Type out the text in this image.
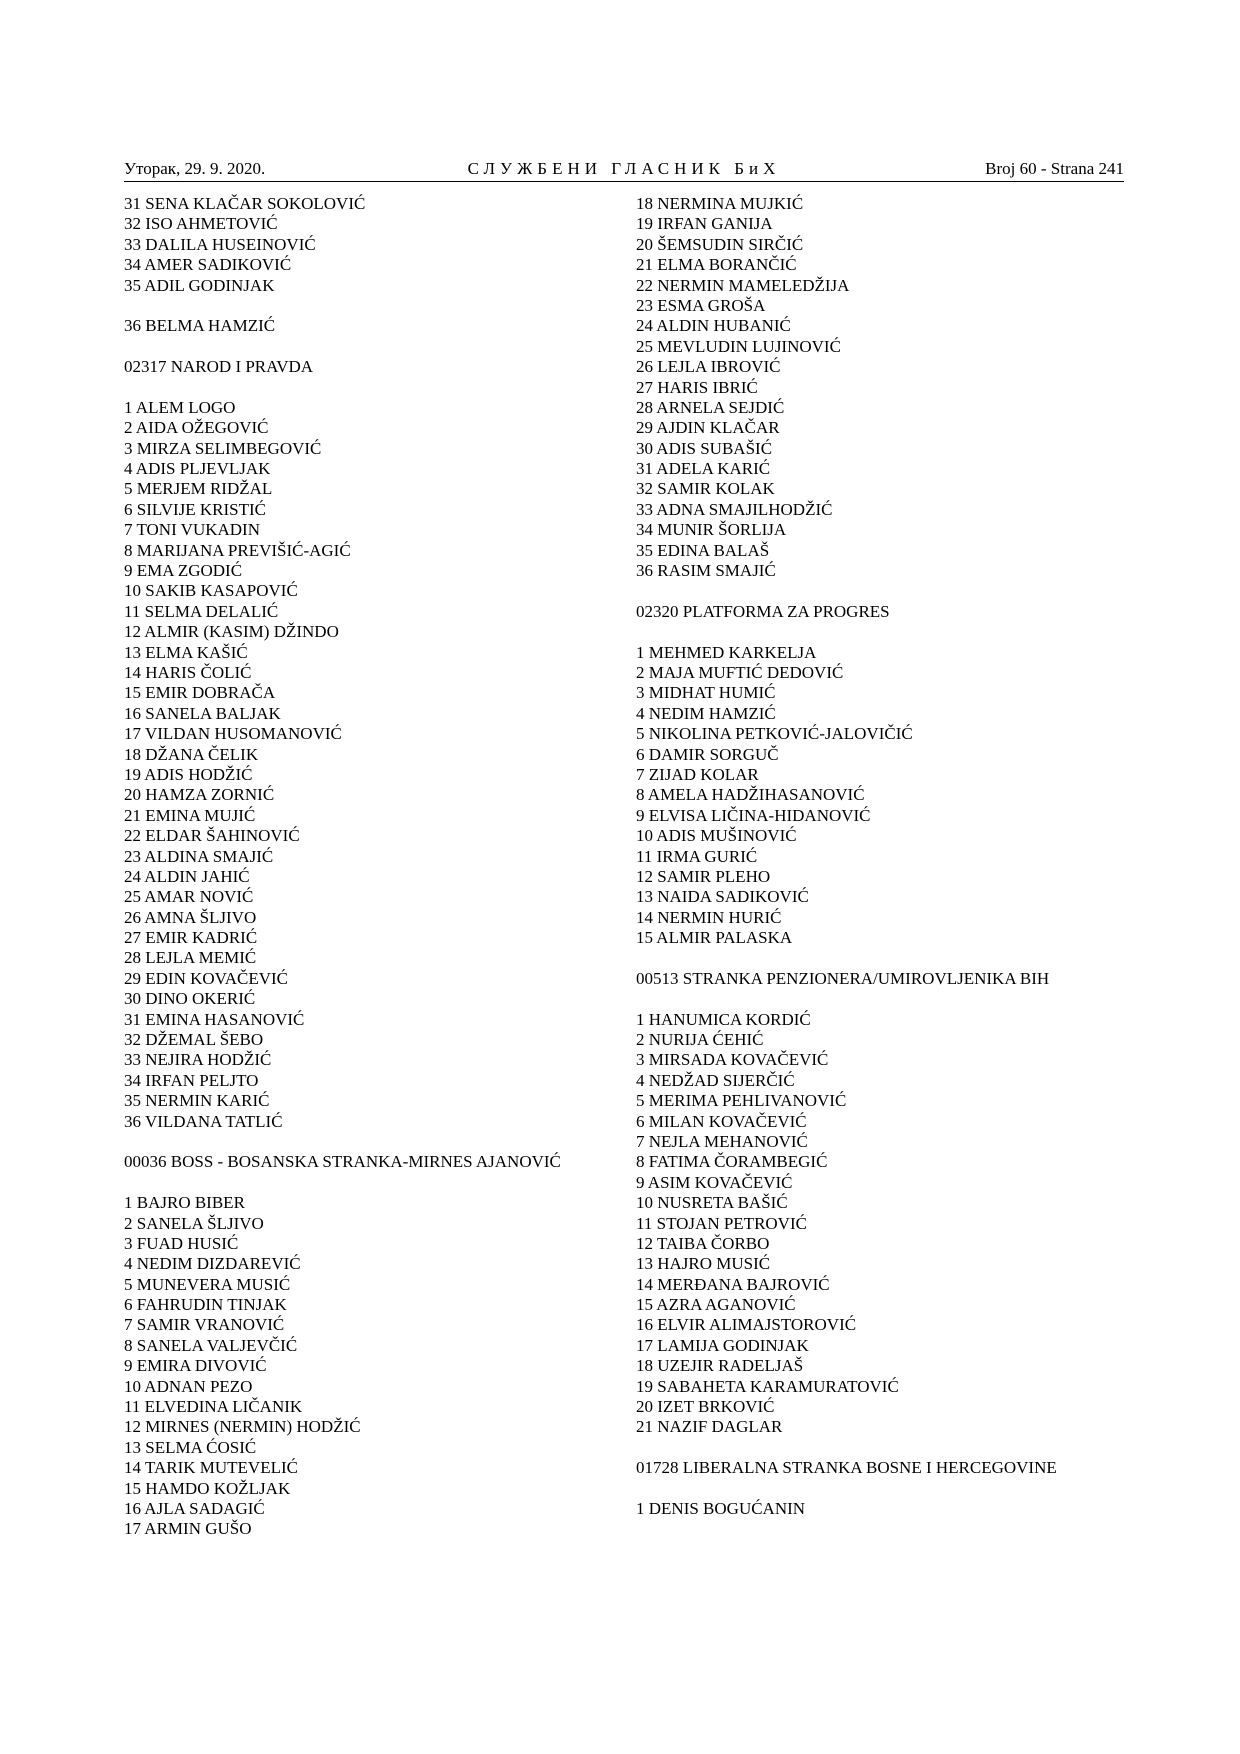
Уторак, 29. 9. 2020.	СЛУЖБЕНИ ГЛАСНИК БиХ	Broj 60 - Strana 241
31 SENA KLAČAR SOKOLOVIĆ
32 ISO AHMETOVIĆ
33 DALILA HUSEINOVIĆ
34 AMER SADIKOVIĆ
35 ADIL GODINJAK
36 BELMA HAMZIĆ
02317 NAROD I PRAVDA
1 ALEM LOGO
2 AIDA OŽEGOVIĆ
3 MIRZA SELIMBEGOVIĆ
4 ADIS PLJEVLJAK
5 MERJEM RIDŽAL
6 SILVIJE KRISTIĆ
7 TONI VUKADIN
8 MARIJANA PREVIŠIĆ-AGIĆ
9 EMA ZGODIĆ
10 SAKIB KASAPOVIĆ
11 SELMA DELALIĆ
12 ALMIR (KASIM) DŽINDO
13 ELMA KAŠIĆ
14 HARIS ČOLIĆ
15 EMIR DOBRAČA
16 SANELA BALJAK
17 VILDAN HUSOMANOVIĆ
18 DŽANA ČELIK
19 ADIS HODŽIĆ
20 HAMZA ZORNIĆ
21 EMINA MUJIĆ
22 ELDAR ŠAHINOVIĆ
23 ALDINA SMAJIĆ
24 ALDIN JAHIĆ
25 AMAR NOVIĆ
26 AMNA ŠLJIVO
27 EMIR KADRIĆ
28 LEJLA MEMIĆ
29 EDIN KOVAČEVIĆ
30 DINO OKERIĆ
31 EMINA HASANOVIĆ
32 DŽEMAL ŠEBO
33 NEJIRA HODŽIĆ
34 IRFAN PELJTO
35 NERMIN KARIĆ
36 VILDANA TATLIĆ
00036 BOSS - BOSANSKA STRANKA-MIRNES AJANOVIĆ
1 BAJRO BIBER
2 SANELA ŠLJIVO
3 FUAD HUSIĆ
4 NEDIM DIZDAREVIĆ
5 MUNEVERA MUSIĆ
6 FAHRUDIN TINJAK
7 SAMIR VRANOVIĆ
8 SANELA VALJEVČIĆ
9 EMIRA DIVOVIĆ
10 ADNAN PEZO
11 ELVEDINA LIČANIK
12 MIRNES (NERMIN) HODŽIĆ
13 SELMA ĆOSIĆ
14 TARIK MUTEVELIĆ
15 HAMDO KOŽLJAK
16 AJLA SADAGIĆ
17 ARMIN GUŠO
18 NERMINA MUJKIĆ
19 IRFAN GANIJA
20 ŠEMSUDIN SIRČIĆ
21 ELMA BORANČIĆ
22 NERMIN MAMELEDŽIJA
23 ESMA GROŠA
24 ALDIN HUBANIĆ
25 MEVLUDIN LUJINOVIĆ
26 LEJLA IBROVIĆ
27 HARIS IBRIĆ
28 ARNELA SEJDIĆ
29 AJDIN KLAČAR
30 ADIS SUBAŠIĆ
31 ADELA KARIĆ
32 SAMIR KOLAK
33 ADNA SMAJILHODŽIĆ
34 MUNIR ŠORLIJA
35 EDINA BALAŠ
36 RASIM SMAJIĆ
02320 PLATFORMA ZA PROGRES
1 MEHMED KARKELJA
2 MAJA MUFTIĆ DEDOVIĆ
3 MIDHAT HUMIĆ
4 NEDIM HAMZIĆ
5 NIKOLINA PETKOVIĆ-JALOVIČIĆ
6 DAMIR SORGUČ
7 ZIJAD KOLAR
8 AMELA HADŽIHASANOVIĆ
9 ELVISA LIČINA-HIDANOVIĆ
10 ADIS MUŠINOVIĆ
11 IRMA GURIĆ
12 SAMIR PLEHO
13 NAIDA SADIKOVIĆ
14 NERMIN HURIĆ
15 ALMIR PALASKA
00513 STRANKA PENZIONERA/UMIROVLJENIKA BIH
1 HANUMICA KORDIĆ
2 NURIJA ĆEHIĆ
3 MIRSADA KOVAČEVIĆ
4 NEDŽAD SIJERČIĆ
5 MERIMA PEHLIVANOVIĆ
6 MILAN KOVAČEVIĆ
7 NEJLA MEHANOVIĆ
8 FATIMA ČORAMBEGIĆ
9 ASIM KOVAČEVIĆ
10 NUSRETA BAŠIĆ
11 STOJAN PETROVIĆ
12 TAIBA ČORBO
13 HAJRO MUSIĆ
14 MERĐANA BAJROVIĆ
15 AZRA AGANOVIĆ
16 ELVIR ALIMAJSTOROVIĆ
17 LAMIJA GODINJAK
18 UZEJIR RADELJAŠ
19 SABAHETA KARAMURATOVIĆ
20 IZET BRKOVIĆ
21 NAZIF DAGLAR
01728 LIBERALNA STRANKA BOSNE I HERCEGOVINE
1 DENIS BOGUĆANIN
